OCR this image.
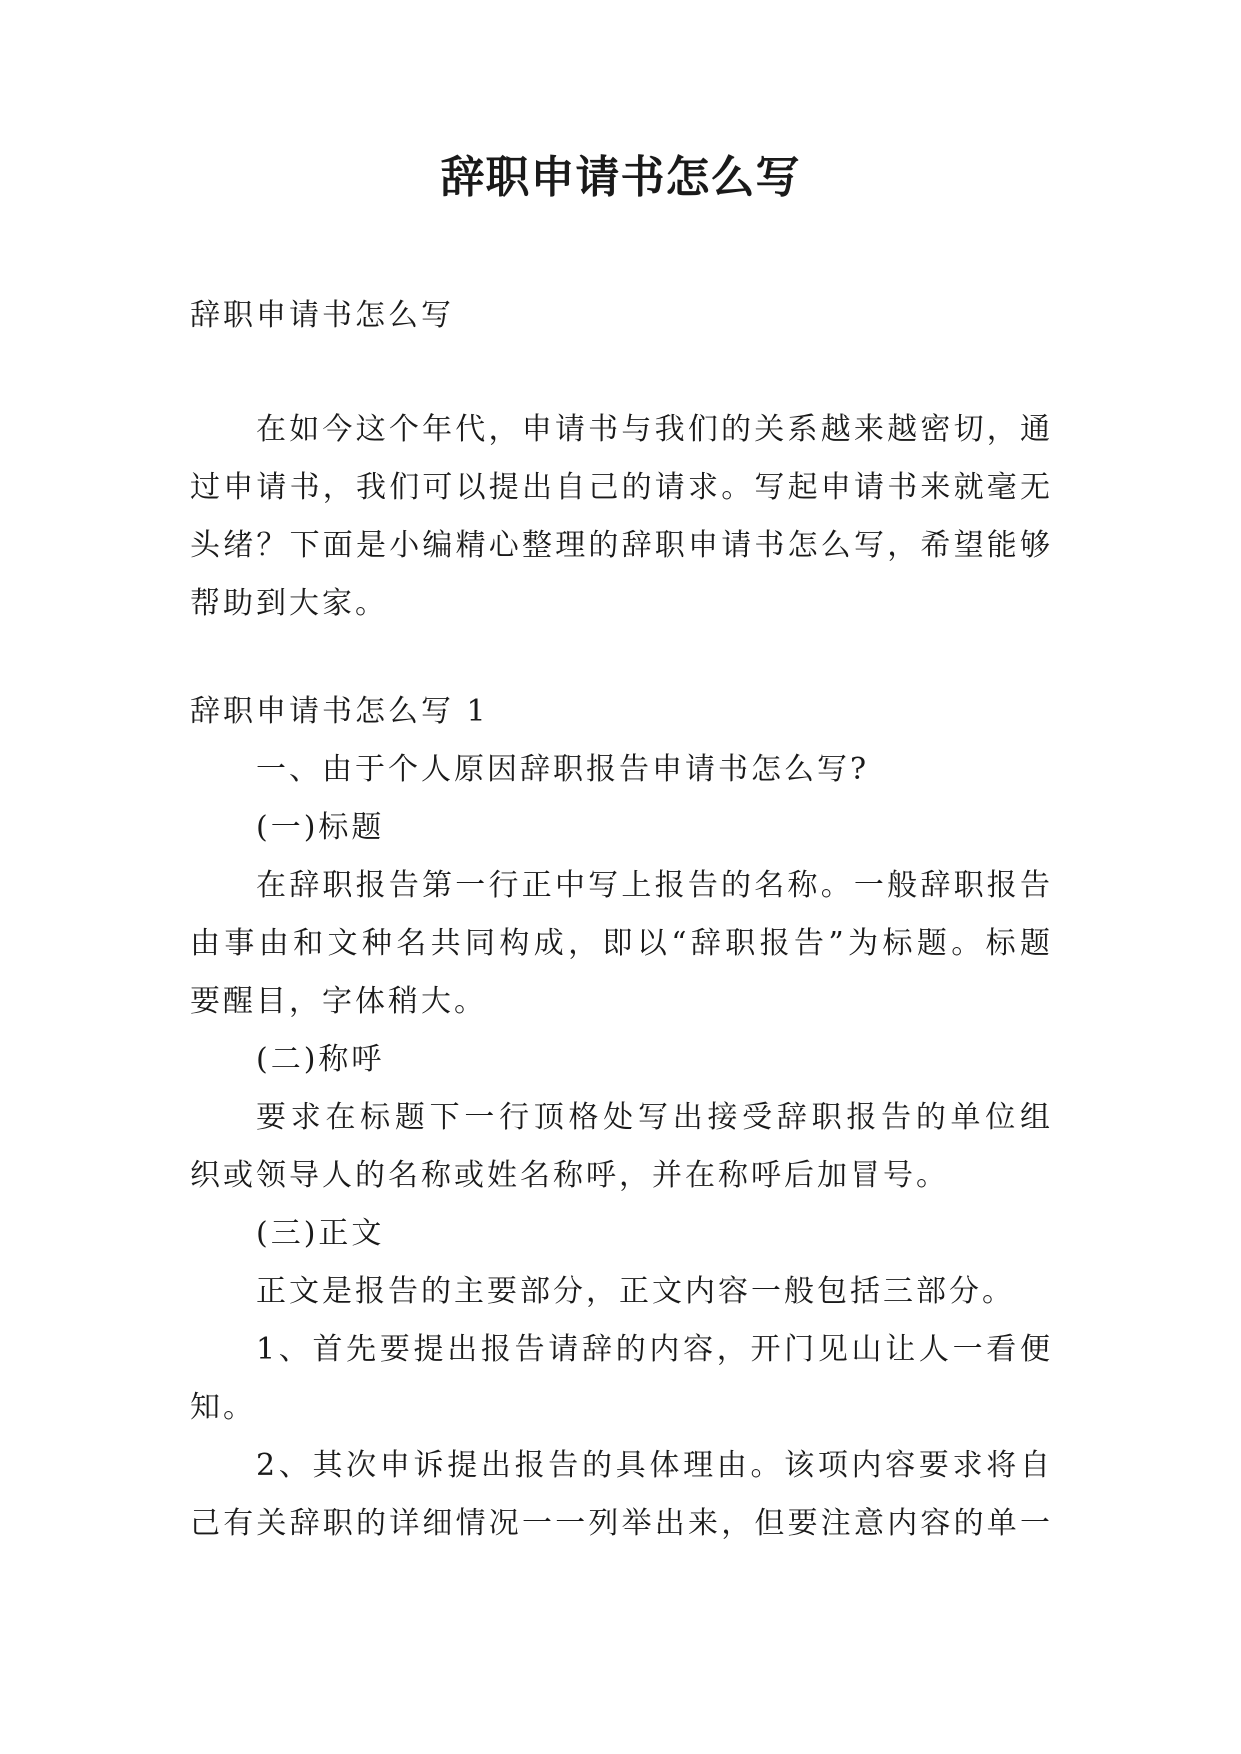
辞职申请书怎么写

辞职申请书怎么写

在如今这个年代，申请书与我们的关系越来越密切，通

过申请书，我们可以提出自己的请求。写起申请书来就毫无

头绪？下面是小编精心整理的辞职申请书怎么写，希望能够

帮助到大家。

辞职申请书怎么写 1

一、由于个人原因辞职报告申请书怎么写?

(一)标题

在辞职报告第一行正中写上报告的名称。一般辞职报告

由事由和文种名共同构成，即以“辞职报告”为标题。标题

要醒目，字体稍大。

(二)称呼

要求在标题下一行顶格处写出接受辞职报告的单位组

织或领导人的名称或姓名称呼，并在称呼后加冒号。

(三)正文

正文是报告的主要部分，正文内容一般包括三部分。

1、首先要提出报告请辞的内容，开门见山让人一看便

知。

2、其次申诉提出报告的具体理由。该项内容要求将自

己有关辞职的详细情况一一列举出来，但要注意内容的单一
